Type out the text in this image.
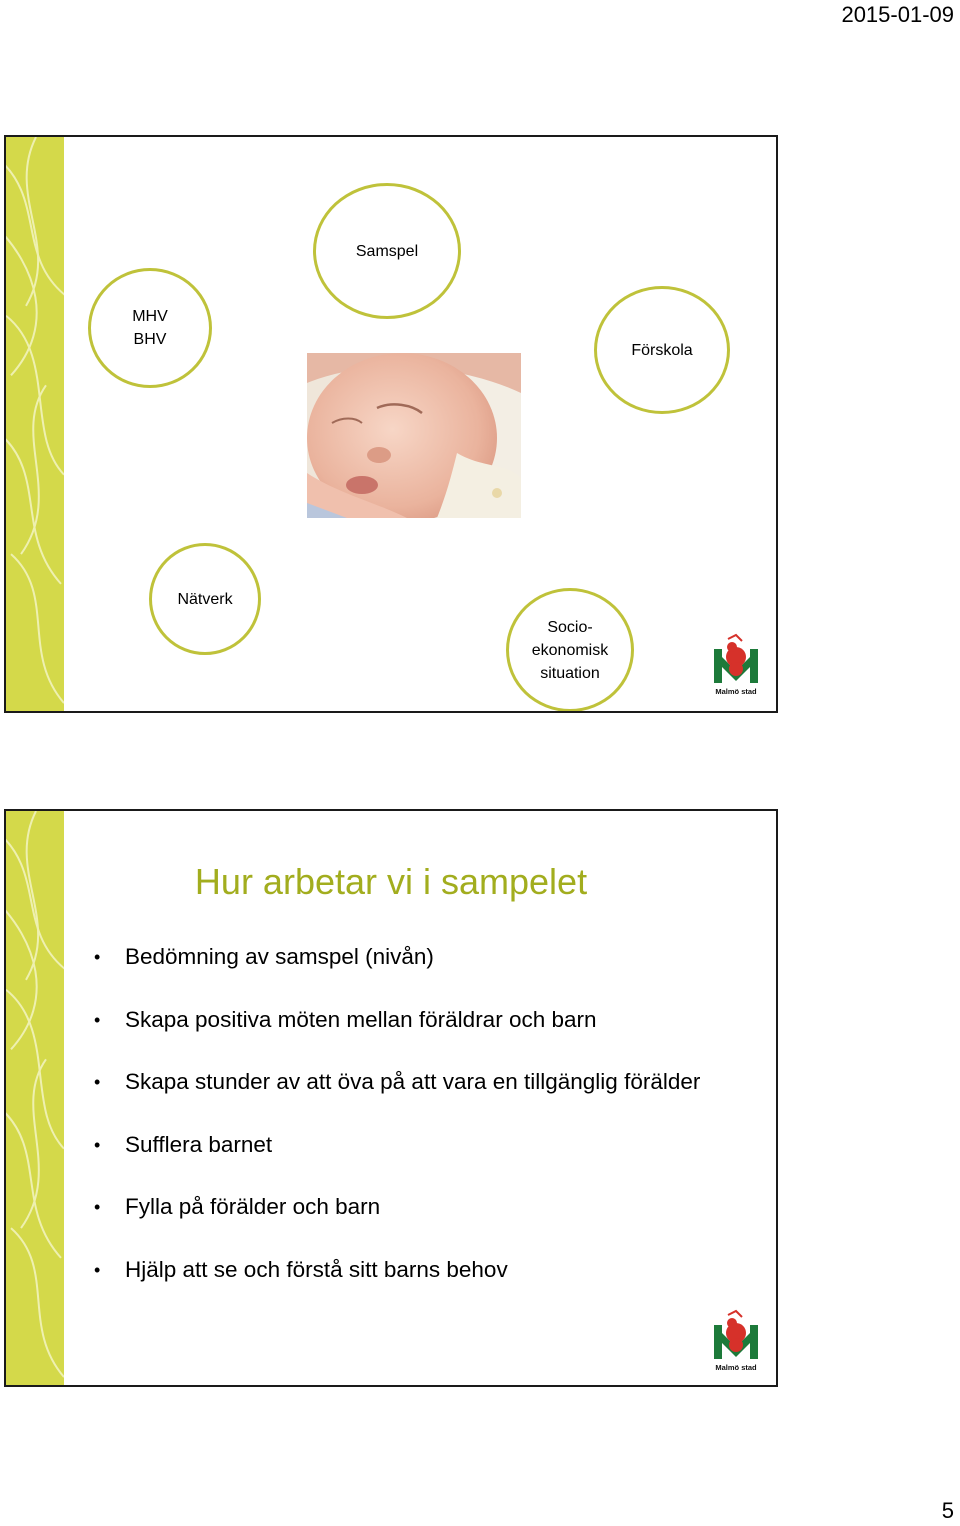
2015-01-09
Samspel
MHV
BHV
Förskola
Nätverk
Socio-
ekonomisk
situation
Malmö stad
Hur arbetar vi i sampelet
• Bedömning av samspel (nivån)
• Skapa positiva möten mellan föräldrar och barn
• Skapa stunder av att öva på att vara en tillgänglig förälder
• Sufflera barnet
• Fylla på förälder och barn
• Hjälp att se och förstå sitt barns behov
Malmö stad
5
